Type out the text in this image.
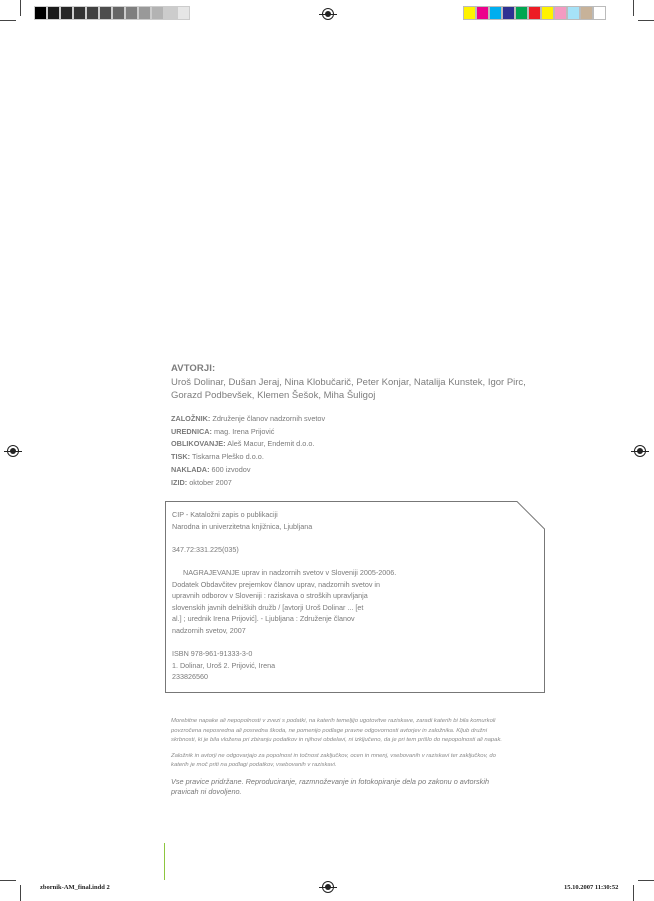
AVTORJI:
Uroš Dolinar, Dušan Jeraj, Nina Klobučarič, Peter Konjar, Natalija Kunstek, Igor Pirc, Gorazd Podbevšek, Klemen Šešok, Miha Šuligoj
ZALOŽNIK: Združenje članov nadzornih svetov
UREDNICA: mag. Irena Prijović
OBLIKOVANJE: Aleš Macur, Endemit d.o.o.
TISK: Tiskarna Pleško d.o.o.
NAKLADA: 600 izvodov
IZID: oktober 2007
CIP - Kataložni zapis o publikaciji
Narodna in univerzitetna knjižnica, Ljubljana
347.72:331.225(035)
NAGRAJEVANJE uprav in nadzornih svetov v Sloveniji 2005-2006.
Dodatek Obdavčitev prejemkov članov uprav, nadzornih svetov in
upravnih odborov v Sloveniji : raziskava o stroških upravljanja
slovenskih javnih delniških družb / [avtorji Uroš Dolinar ... [et
al.] ; urednik Irena Prijović]. - Ljubljana : Združenje članov
nadzornih svetov, 2007
ISBN 978-961-91333-3-0
1. Dolinar, Uroš 2. Prijović, Irena
233826560

Morebitne napake ali nepopolnosti v zvezi s podatki, na katerih temeljijo ugotovitve raziskave, zaradi katerih bi bila komurkoli povzročena neposredna ali posredna škoda, ne pomenijo podlage pravne odgovornosti avtorjev in založnika. Kljub družni skrbnosti, ki je bila vložena pri zbiranju podatkov in njihovi obdelavi, ni izključeno, da je pri tem prišlo do nepopolnosti ali napak.

Založnik in avtorji ne odgovarjajo za popolnost in točnost zaključkov, ocen in mnenj, vsebovanih v raziskavi ter zaključkov, do katerih je moč priti na podlagi podatkov, vsebovanih v raziskavi.

Vse pravice pridržane. Reproduciranje, razmnoževanje in fotokopiranje dela po zakonu o avtorskih pravicah ni dovoljeno.

zbornik-AM_final.indd 2	15.10.2007 11:30:52
